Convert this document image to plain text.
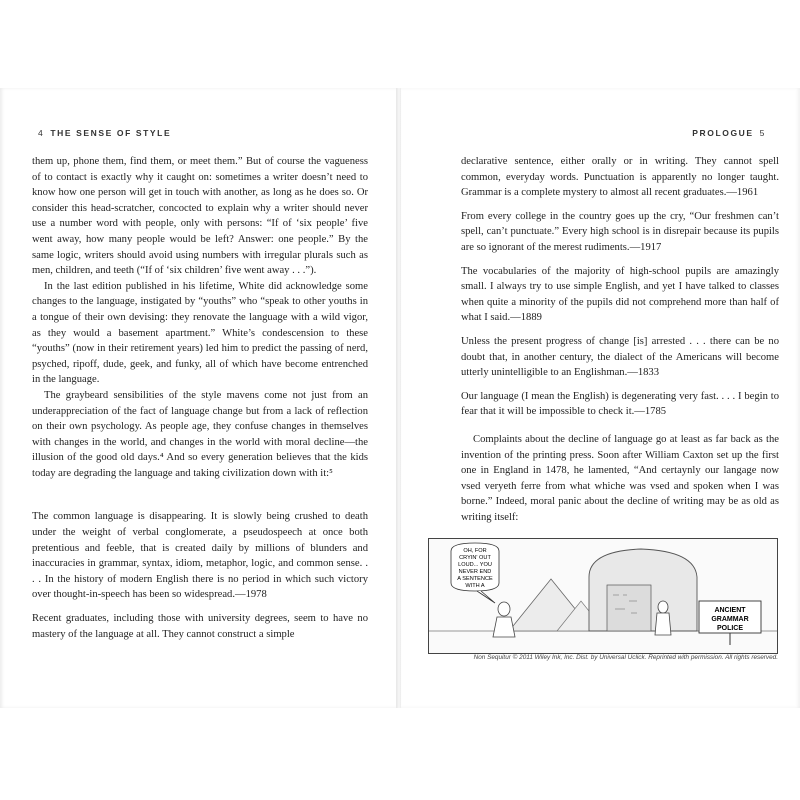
4 THE SENSE OF STYLE

them up, phone them, find them, or meet them.” But of course the vagueness of to contact is exactly why it caught on: sometimes a writer doesn’t need to know how one person will get in touch with another, as long as he does so. Or consider this head-scratcher, concocted to explain why a writer should never use a number word with people, only with persons: “If of ‘six people’ five went away, how many people would be left? Answer: one people.” By the same logic, writers should avoid using numbers with irregular plurals such as men, children, and teeth (“If of ‘six children’ five went away . . .”).

In the last edition published in his lifetime, White did acknowledge some changes to the language, instigated by “youths” who “speak to other youths in a tongue of their own devising: they renovate the language with a wild vigor, as they would a basement apartment.” White’s condescension to these “youths” (now in their retirement years) led him to predict the passing of nerd, psyched, ripoff, dude, geek, and funky, all of which have become entrenched in the language.

The graybeard sensibilities of the style mavens come not just from an underappreciation of the fact of language change but from a lack of reflection on their own psychology. As people age, they confuse changes in themselves with changes in the world, and changes in the world with moral decline—the illusion of the good old days.⁴ And so every generation believes that the kids today are degrading the language and taking civilization down with it:⁵

The common language is disappearing. It is slowly being crushed to death under the weight of verbal conglomerate, a pseudospeech at once both pretentious and feeble, that is created daily by millions of blunders and inaccuracies in grammar, syntax, idiom, metaphor, logic, and common sense. . . . In the history of modern English there is no period in which such victory over thought-in-speech has been so widespread.—1978

Recent graduates, including those with university degrees, seem to have no mastery of the language at all. They cannot construct a simple

PROLOGUE 5

declarative sentence, either orally or in writing. They cannot spell common, everyday words. Punctuation is apparently no longer taught. Grammar is a complete mystery to almost all recent graduates.—1961

From every college in the country goes up the cry, “Our freshmen can’t spell, can’t punctuate.” Every high school is in disrepair because its pupils are so ignorant of the merest rudiments.—1917

The vocabularies of the majority of high-school pupils are amazingly small. I always try to use simple English, and yet I have talked to classes when quite a minority of the pupils did not comprehend more than half of what I said.—1889

Unless the present progress of change [is] arrested . . . there can be no doubt that, in another century, the dialect of the Americans will become utterly unintelligible to an Englishman.—1833

Our language (I mean the English) is degenerating very fast. . . . I begin to fear that it will be impossible to check it.—1785

Complaints about the decline of language go at least as far back as the invention of the printing press. Soon after William Caxton set up the first one in England in 1478, he lamented, “And certaynly our langage now vsed veryeth ferre from what whiche was vsed and spoken when I was borne.” Indeed, moral panic about the decline of writing may be as old as writing itself:

OH, FOR
CRYIN' OUT
LOUD... YOU
NEVER END
A SENTENCE
WITH A
ANCIENT
GRAMMAR
POLICE
Non Sequitur © 2011 Wiley Ink, Inc. Dist. by Universal Uclick. Reprinted with permission. All rights reserved.
